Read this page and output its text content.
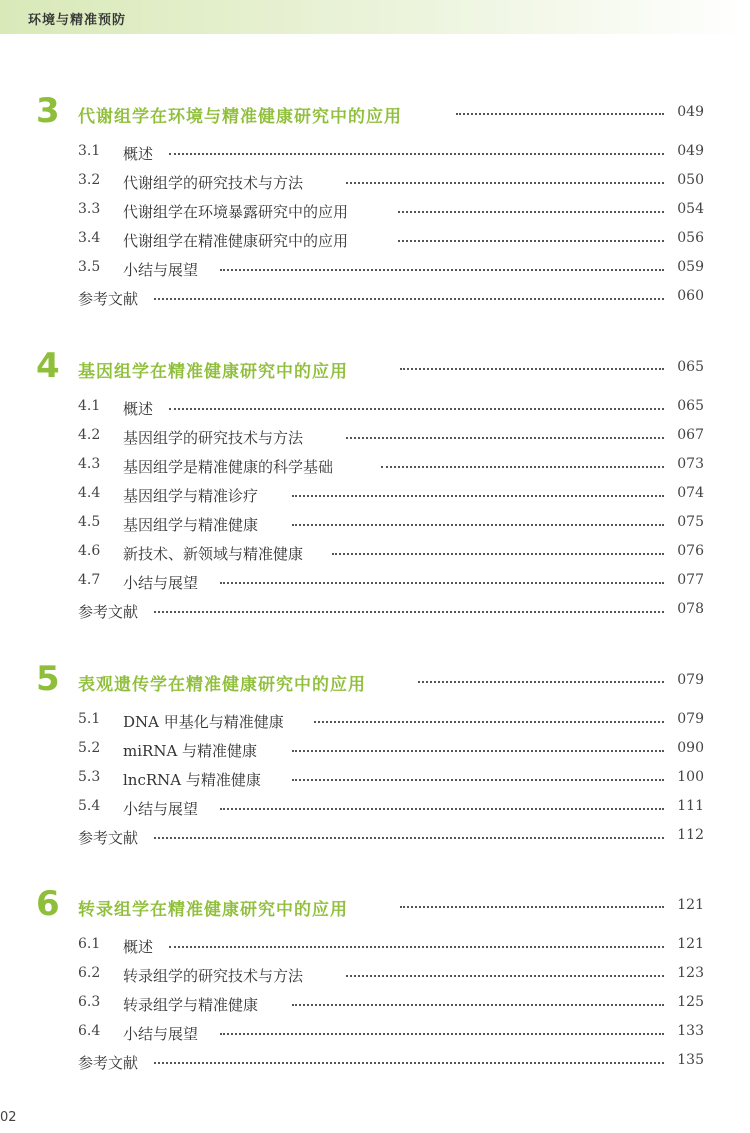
环境与精准预防
3 代谢组学在环境与精准健康研究中的应用	049
3.1 概述	049
3.2 代谢组学的研究技术与方法	050
3.3 代谢组学在环境暴露研究中的应用	054
3.4 代谢组学在精准健康研究中的应用	056
3.5 小结与展望	059
参考文献	060
4 基因组学在精准健康研究中的应用	065
4.1 概述	065
4.2 基因组学的研究技术与方法	067
4.3 基因组学是精准健康的科学基础	073
4.4 基因组学与精准诊疗	074
4.5 基因组学与精准健康	075
4.6 新技术、新领域与精准健康	076
4.7 小结与展望	077
参考文献	078
5 表观遗传学在精准健康研究中的应用	079
5.1 DNA 甲基化与精准健康	079
5.2 miRNA 与精准健康	090
5.3 lncRNA 与精准健康	100
5.4 小结与展望	111
参考文献	112
6 转录组学在精准健康研究中的应用	121
6.1 概述	121
6.2 转录组学的研究技术与方法	123
6.3 转录组学与精准健康	125
6.4 小结与展望	133
参考文献	135
02
